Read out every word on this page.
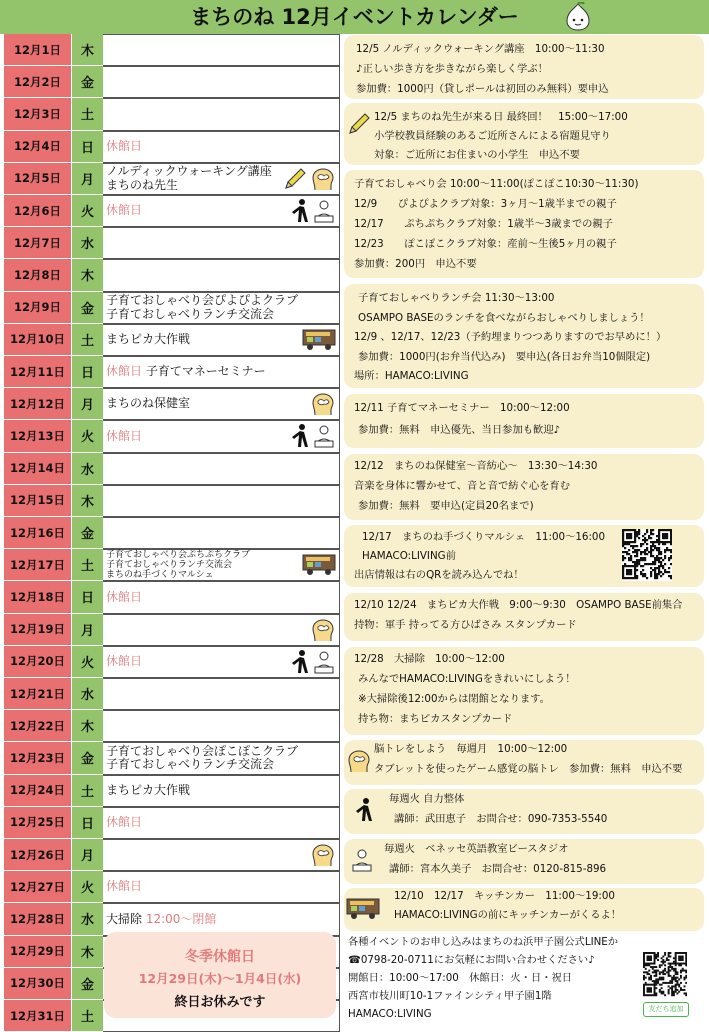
まちのね 12月イベントカレンダー
12月1日	木
12月2日	金
12月3日	土
12月4日	日	休館日
12月5日	月
ノルディックウォーキング講座
まちのね先生
12月6日	火	休館日
12月7日	水
12月8日	木
12月9日	金
子育ておしゃべり会ぴよぴよクラブ
子育ておしゃべりランチ交流会
12月10日	土	まちピカ大作戦
12月11日	日	休館日 子育てマネーセミナー
12月12日	月	まちのね保健室
12月13日	火	休館日
12月14日	水
12月15日	木
12月16日	金
12月17日	土
子育ておしゃべり会ぷちぷちクラブ
子育ておしゃべりランチ交流会
まちのね手づくりマルシェ
12月18日	日	休館日
12月19日	月
12月20日	火	休館日
12月21日	水
12月22日	木
12月23日	金
子育ておしゃべり会ぽこぽこクラブ
子育ておしゃべりランチ交流会
12月24日	土	まちピカ大作戦
12月25日	日	休館日
12月26日	月
12月27日	火	休館日
12月28日	水	大掃除 12:00～閉館
12月29日	木
12月30日	金
12月31日	土
冬季休館日
12月29日(木)～1月4日(水)
終日お休みです
12/5 ノルディックウォーキング講座　10:00～11:30
♪正しい歩き方を歩きながら楽しく学ぶ！
参加費：1000円（貸しポールは初回のみ無料）要申込
12/5 まちのね先生が来る日 最終回！　15:00～17:00
小学校教員経験のあるご近所さんによる宿題見守り
対象：ご近所にお住まいの小学生　申込不要
子育ておしゃべり会 10:00～11:00(ぽこぽこ10:30～11:30)
12/9　　ぴよぴよクラブ対象：3ヶ月～1歳半までの親子
12/17　　ぷちぷちクラブ対象：1歳半～3歳までの親子
12/23　　ぽこぽこクラブ対象：産前～生後5ヶ月の親子
参加費：200円　申込不要
子育ておしゃべりランチ会 11:30～13:00
OSAMPO BASEのランチを食べながらおしゃべりしましょう！
12/9 、12/17、12/23（予約埋まりつつありますのでお早めに！）
参加費：1000円(お弁当代込み)　要申込(各日お弁当10個限定)
場所：HAMACO:LIVING
12/11 子育てマネーセミナー　10:00～12:00
参加費：無料　申込優先、当日参加も歓迎♪
12/12　まちのね保健室～音紡心～　13:30～14:30
音楽を身体に響かせて、音と音で紡ぐ心を育む
参加費：無料　要申込(定員20名まで)
12/17　まちのね手づくりマルシェ　11:00～16:00
HAMACO:LIVING前
出店情報は右のQRを読み込んでね！
12/10 12/24　まちピカ大作戦　9:00～9:30　OSAMPO BASE前集合
持物：軍手 持ってる方ひばさみ スタンプカード
12/28　大掃除　10:00～12:00
みんなでHAMACO:LIVINGをきれいにしよう！
※大掃除後12:00からは閉館となります。
持ち物：まちピカスタンプカード
脳トレをしよう　毎週月　10:00～12:00
タブレットを使ったゲーム感覚の脳トレ　参加費：無料　申込不要
毎週火 自力整体
講師：武田恵子　お問合せ：090-7353-5540
毎週火　ベネッセ英語教室ビースタジオ
講師：宮本久美子　お問合せ：0120-815-896
12/10　12/17　キッチンカー　11:00～19:00
HAMACO:LIVINGの前にキッチンカーがくるよ！
各種イベントのお申し込みはまちのね浜甲子園公式LINEか
☎0798-20-0711にお気軽にお問い合わせください♪
開館日：10:00～17:00　休館日：火・日・祝日
西宮市枝川町10-1ファインシティ甲子園1階
HAMACO:LIVING	友だち追加
